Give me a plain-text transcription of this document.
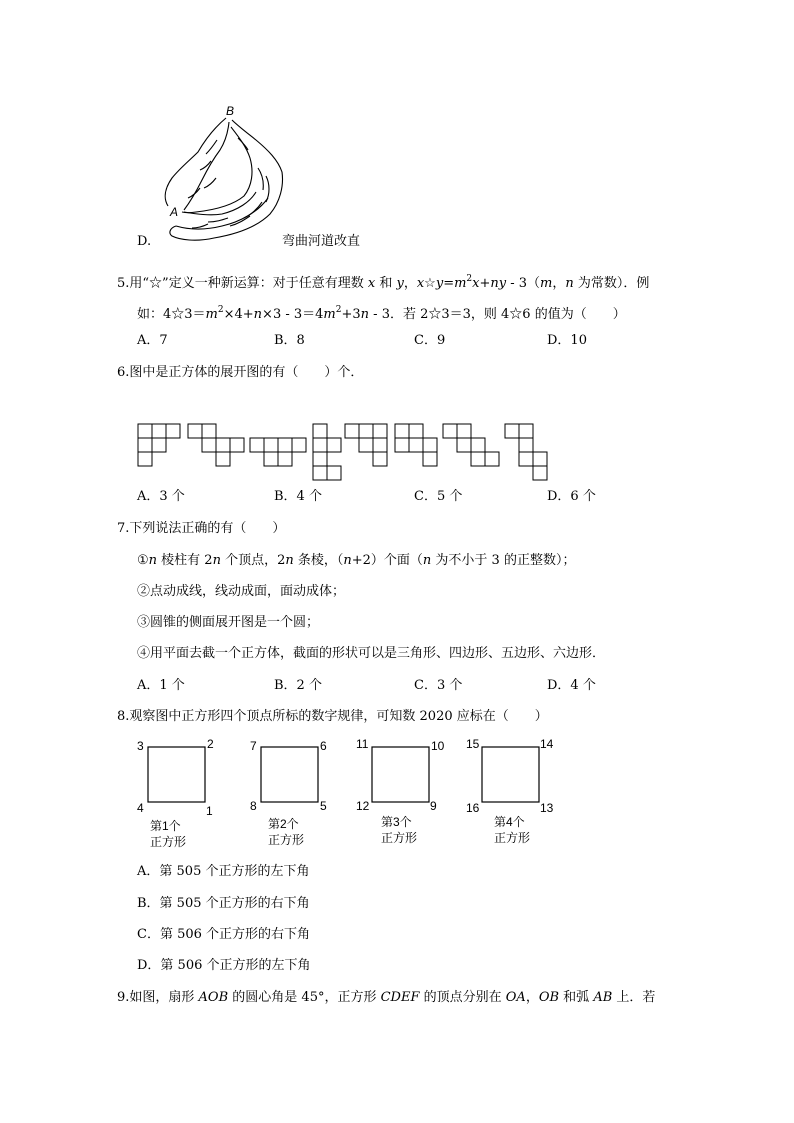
B
A
D.	弯曲河道改直
5.用“☆”定义一种新运算：对于任意有理数 x 和 y，$x☆y=m^2x+ny - 3(m$，n 为常数）．例
如：$4☆3=m^2\times 4+n\times 3 - 3=4m^2+3n - 3$．若 2☆3＝3，则 4☆6 的值为（　　）
A．7	B．8	C．9	D．10
6.图中是正方体的展开图的有（　　）个．
A．3 个	B．4 个	C．5 个	D．6 个
7.下列说法正确的有（　　）
①n 棱柱有 2n 个顶点，2n 条棱，（n+2）个面（n 为不小于 3 的正整数）；
②点动成线，线动成面，面动成体；
③圆锥的侧面展开图是一个圆；
④用平面去截一个正方体，截面的形状可以是三角形、四边形、五边形、六边形．
A．1 个	B．2 个	C．3 个	D．4 个
8.观察图中正方形四个顶点所标的数字规律，可知数 2020 应标在（　　）
3	2
4	1
7	6
8	5
11	10
12	9
15	14
16	13
第1个
正方形
第2个
正方形
第3个
正方形
第4个
正方形
A．第 505 个正方形的左下角
B．第 505 个正方形的右下角
C．第 506 个正方形的右下角
D．第 506 个正方形的左下角
9.如图，扇形 AOB 的圆心角是 45°，正方形 CDEF 的顶点分别在 OA，OB 和弧 AB 上．若
